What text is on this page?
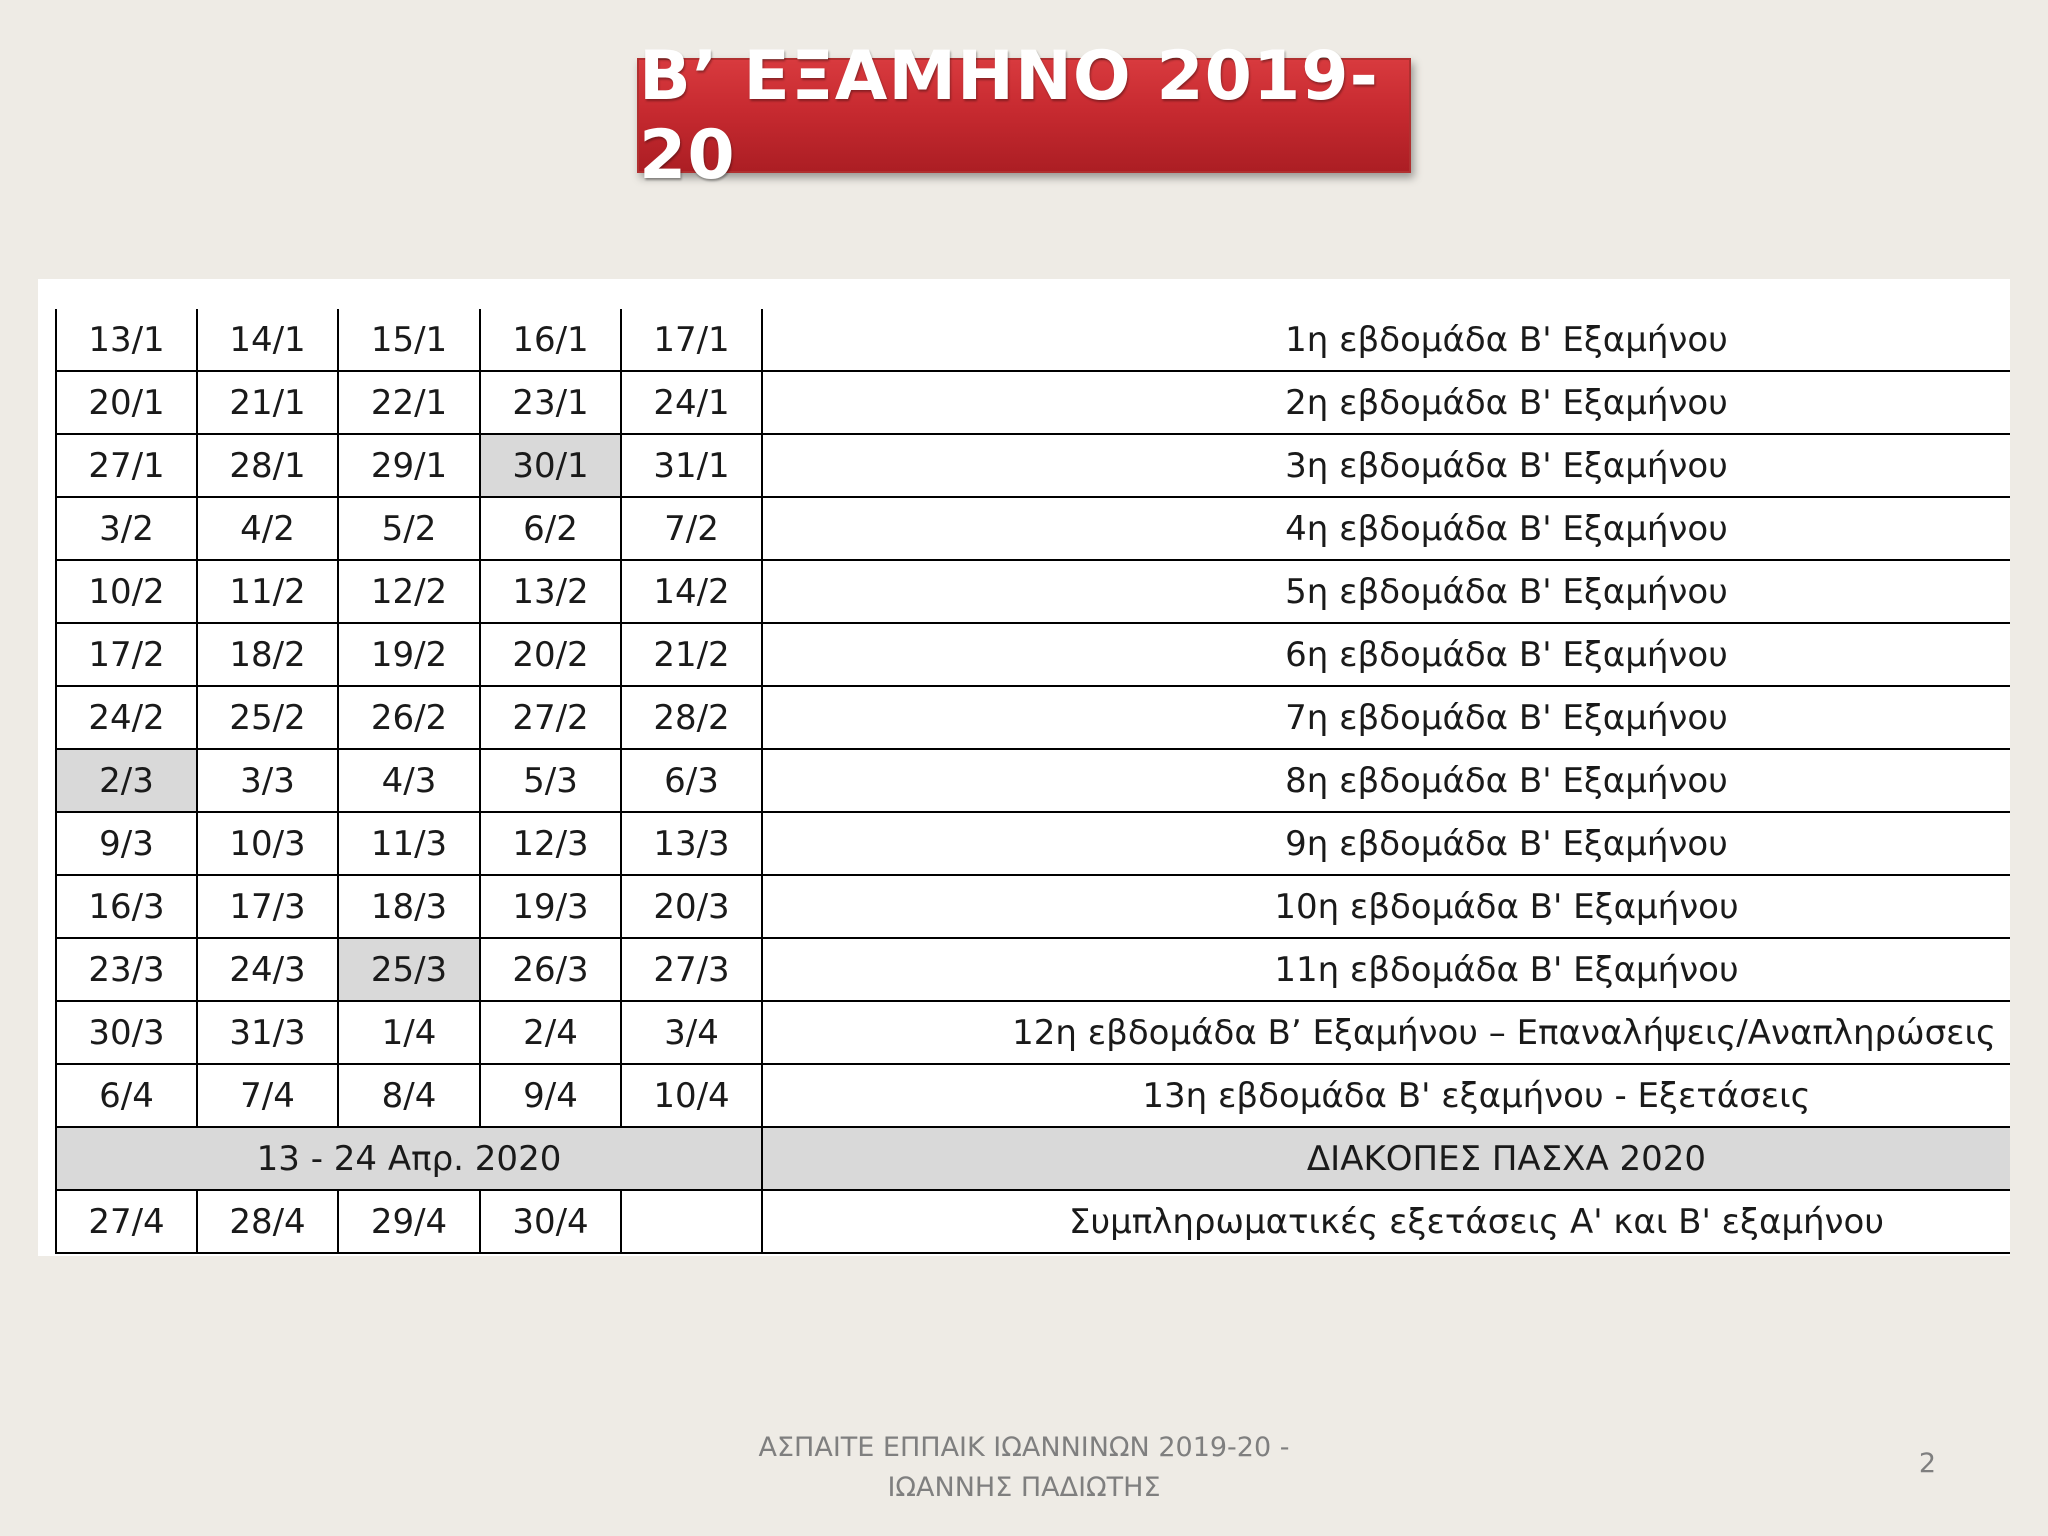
Β’ ΕΞΑΜΗΝΟ 2019-20
13/1	14/1	15/1	16/1	17/1	1η εβδομάδα Β' Εξαμήνου
20/1	21/1	22/1	23/1	24/1	2η εβδομάδα Β' Εξαμήνου
27/1	28/1	29/1	30/1	31/1	3η εβδομάδα Β' Εξαμήνου
3/2	4/2	5/2	6/2	7/2	4η εβδομάδα Β' Εξαμήνου
10/2	11/2	12/2	13/2	14/2	5η εβδομάδα Β' Εξαμήνου
17/2	18/2	19/2	20/2	21/2	6η εβδομάδα Β' Εξαμήνου
24/2	25/2	26/2	27/2	28/2	7η εβδομάδα Β' Εξαμήνου
2/3	3/3	4/3	5/3	6/3	8η εβδομάδα Β' Εξαμήνου
9/3	10/3	11/3	12/3	13/3	9η εβδομάδα Β' Εξαμήνου
16/3	17/3	18/3	19/3	20/3	10η εβδομάδα Β' Εξαμήνου
23/3	24/3	25/3	26/3	27/3	11η εβδομάδα Β' Εξαμήνου
30/3	31/3	1/4	2/4	3/4	12η εβδομάδα Β’ Εξαμήνου – Επαναλήψεις/Αναπληρώσεις
6/4	7/4	8/4	9/4	10/4	13η εβδομάδα Β' εξαμήνου - Εξετάσεις
13 - 24 Απρ. 2020					ΔΙΑΚΟΠΕΣ ΠΑΣΧΑ 2020
27/4	28/4	29/4	30/4		Συμπληρωματικές εξετάσεις Α' και Β' εξαμήνου
ΑΣΠΑΙΤΕ ΕΠΠΑΙΚ ΙΩΑΝΝΙΝΩΝ 2019-20 -
ΙΩΑΝΝΗΣ ΠΑΔΙΩΤΗΣ
2
